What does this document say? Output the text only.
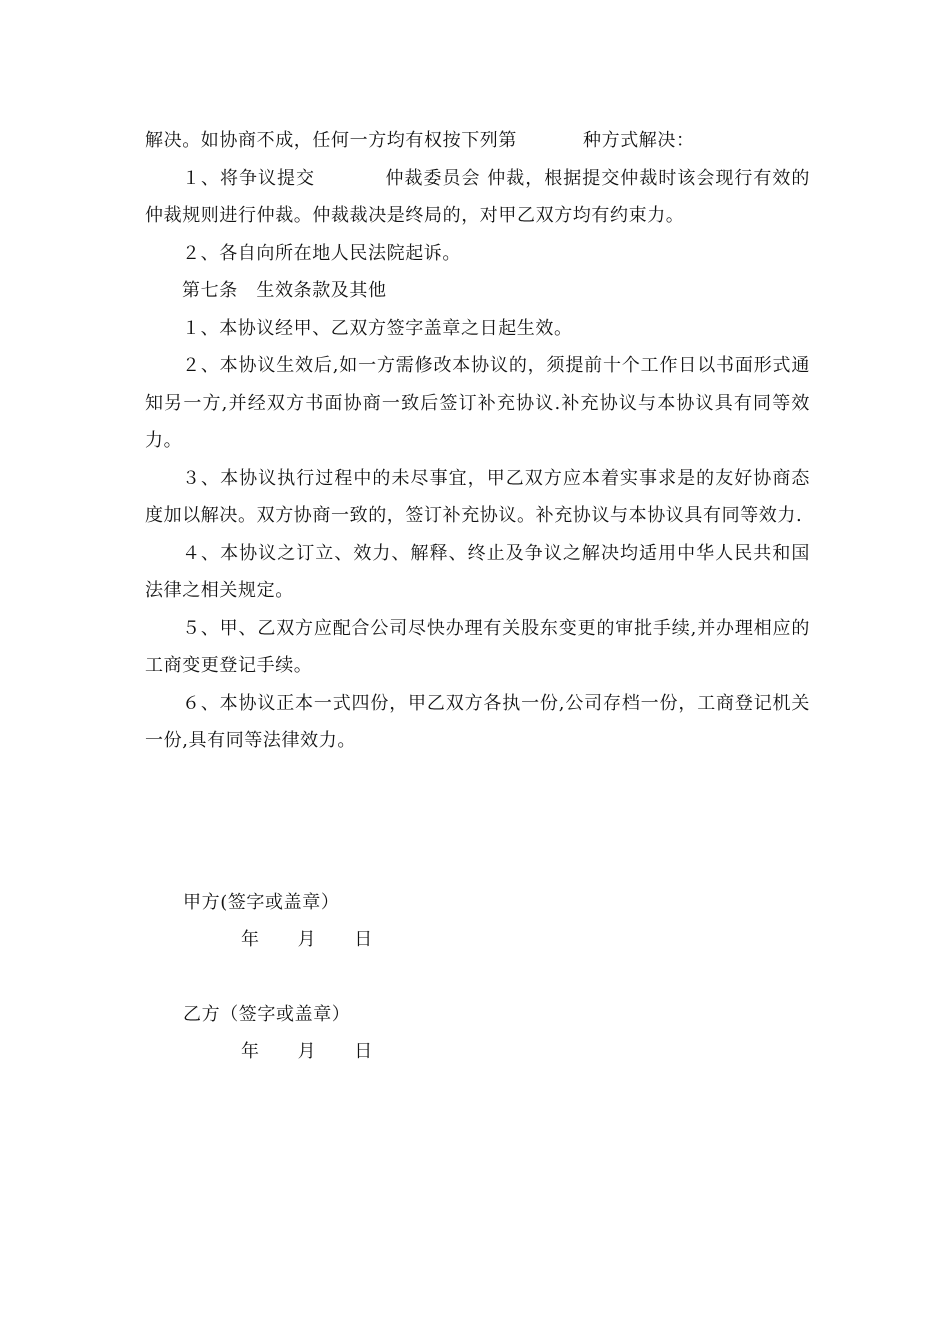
解决。如协商不成，任何一方均有权按下列第	种方式解决：

１、将争议提交	仲裁委员会 仲裁，根据提交仲裁时该会现行有效的仲裁规则进行仲裁。仲裁裁决是终局的，对甲乙双方均有约束力。

２、各自向所在地人民法院起诉。

第七条　生效条款及其他

１、本协议经甲、乙双方签字盖章之日起生效。

２、本协议生效后,如一方需修改本协议的，须提前十个工作日以书面形式通知另一方,并经双方书面协商一致后签订补充协议.补充协议与本协议具有同等效力。

３、本协议执行过程中的未尽事宜，甲乙双方应本着实事求是的友好协商态度加以解决。双方协商一致的，签订补充协议。补充协议与本协议具有同等效力.

４、本协议之订立、效力、解释、终止及争议之解决均适用中华人民共和国法律之相关规定。

５、甲、乙双方应配合公司尽快办理有关股东变更的审批手续,并办理相应的工商变更登记手续。

６、本协议正本一式四份，甲乙双方各执一份,公司存档一份，工商登记机关一份,具有同等法律效力。

甲方(签字或盖章）
年 月 日
乙方（签字或盖章）
年 月 日
